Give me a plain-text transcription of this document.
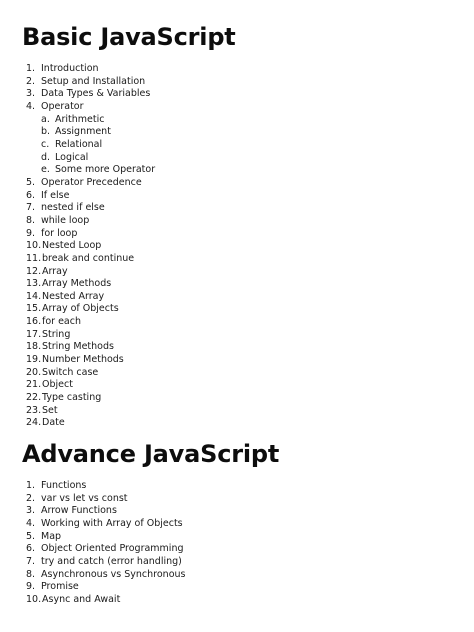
Basic JavaScript
1. Introduction
2. Setup and Installation
3. Data Types & Variables
4. Operator
a. Arithmetic
b. Assignment
c. Relational
d. Logical
e. Some more Operator
5. Operator Precedence
6. If else
7. nested if else
8. while loop
9. for loop
10. Nested Loop
11. break and continue
12. Array
13. Array Methods
14. Nested Array
15. Array of Objects
16. for each
17. String
18. String Methods
19. Number Methods
20. Switch case
21. Object
22. Type casting
23. Set
24. Date
Advance JavaScript
1. Functions
2. var vs let vs const
3. Arrow Functions
4. Working with Array of Objects
5. Map
6. Object Oriented Programming
7. try and catch (error handling)
8. Asynchronous vs Synchronous
9. Promise
10. Async and Await
